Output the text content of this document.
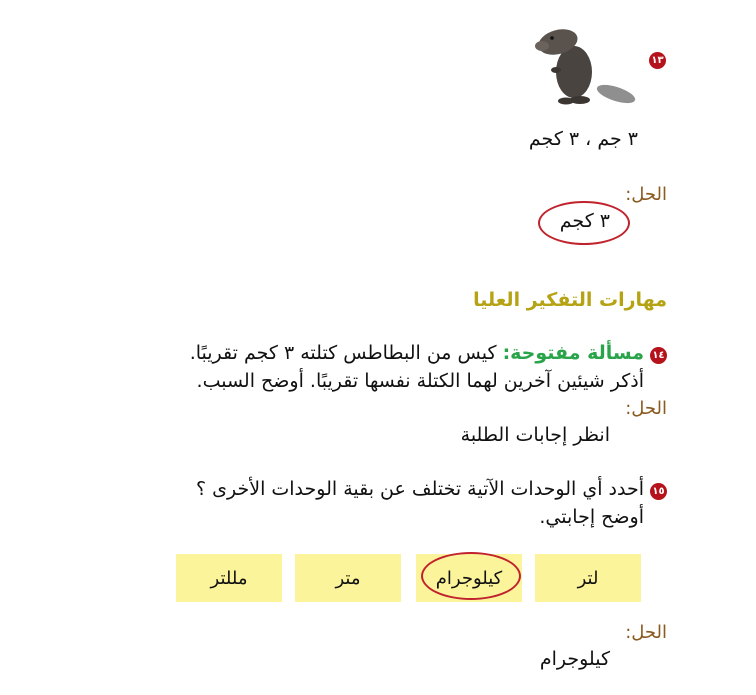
١٣
٣ جم ، ٣ كجم
الحل:
٣ كجم
مهارات التفكير العليا
١٤
مسألة مفتوحة: كيس من البطاطس كتلته ٣ كجم تقريبًا.
أذكر شيئين آخرين لهما الكتلة نفسها تقريبًا. أوضح السبب.
الحل:
انظر إجابات الطلبة
١٥
أحدد أي الوحدات الآتية تختلف عن بقية الوحدات الأخرى ؟
أوضح إجابتي.
لتر
كيلوجرام
متر
مللتر
الحل:
كيلوجرام
